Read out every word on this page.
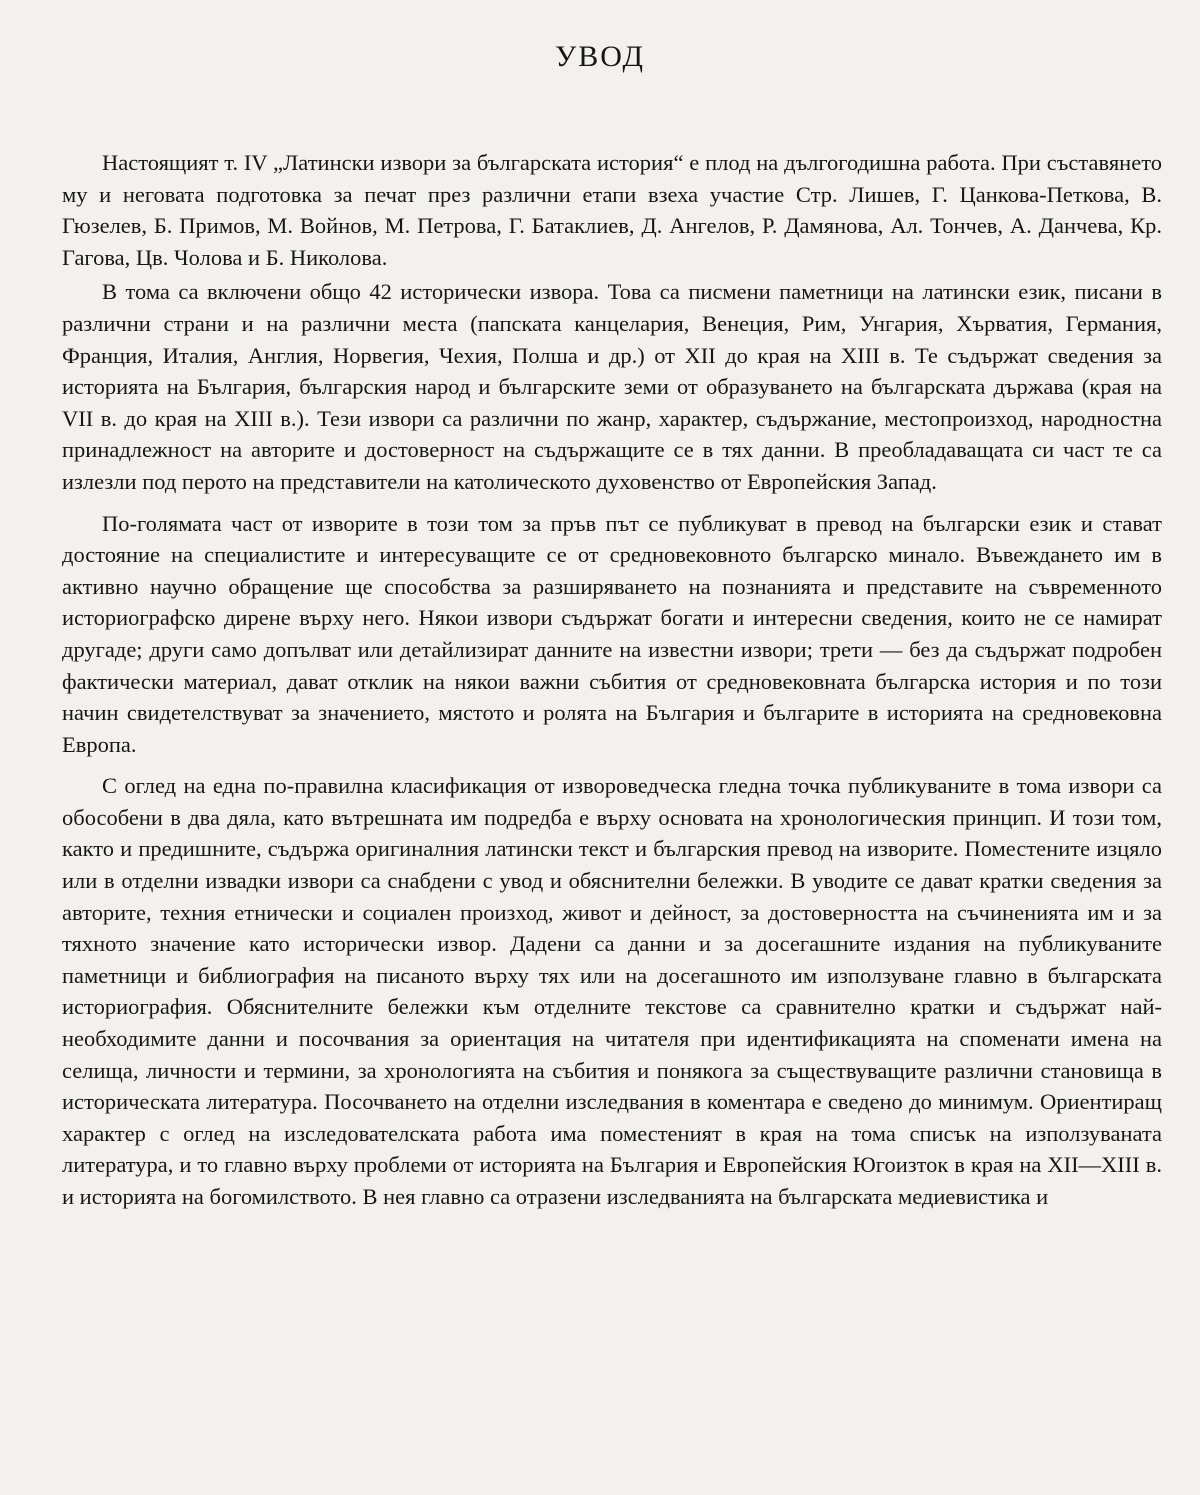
УВОД

Настоящият т. IV „Латински извори за българската история“ е плод на дългогодишна работа. При съставянето му и неговата подготовка за печат през различни етапи взеха участие Стр. Лишев, Г. Цанкова-Петкова, В. Гюзелев, Б. Примов, М. Войнов, М. Петрова, Г. Батаклиев, Д. Ангелов, Р. Дамянова, Ал. Тончев, А. Данчева, Кр. Гагова, Цв. Чолова и Б. Николова.

В тома са включени общо 42 исторически извора. Това са писмени паметници на латински език, писани в различни страни и на различни места (папската канцелария, Венеция, Рим, Унгария, Хърватия, Германия, Франция, Италия, Англия, Норвегия, Чехия, Полша и др.) от XII до края на XIII в. Те съдържат сведения за историята на България, българския народ и българските земи от образуването на българската държава (края на VII в. до края на XIII в.). Тези извори са различни по жанр, характер, съдържание, местопроизход, народностна принадлежност на авторите и достоверност на съдържащите се в тях данни. В преобладаващата си част те са излезли под перото на представители на католическото духовенство от Европейския Запад.

По-голямата част от изворите в този том за пръв път се публикуват в превод на български език и стават достояние на специалистите и интересуващите се от средновековното българско минало. Въвеждането им в активно научно обращение ще способства за разширяването на познанията и представите на съвременното историографско дирене върху него. Някои извори съдържат богати и интересни сведения, които не се намират другаде; други само допълват или детайлизират данните на известни извори; трети — без да съдържат подробен фактически материал, дават отклик на някои важни събития от средновековната българска история и по този начин свидетелствуват за значението, мястото и ролята на България и българите в историята на средновековна Европа.

С оглед на една по-правилна класификация от извороведческа гледна точка публикуваните в тома извори са обособени в два дяла, като вътрешната им подредба е върху основата на хронологическия принцип. И този том, както и предишните, съдържа оригиналния латински текст и българския превод на изворите. Поместените изцяло или в отделни извадки извори са снабдени с увод и обяснителни бележки. В уводите се дават кратки сведения за авторите, техния етнически и социален произход, живот и дейност, за достоверността на съчиненията им и за тяхното значение като исторически извор. Дадени са данни и за досегашните издания на публикуваните паметници и библиография на писаното върху тях или на досегашното им използуване главно в българската историография. Обяснителните бележки към отделните текстове са сравнително кратки и съдържат най-необходимите данни и посочвания за ориентация на читателя при идентификацията на споменати имена на селища, личности и термини, за хронологията на събития и понякога за съществуващите различни становища в историческата литература. Посочването на отделни изследвания в коментара е сведено до минимум. Ориентиращ характер с оглед на изследователската работа има поместеният в края на тома списък на използуваната литература, и то главно върху проблеми от историята на България и Европейския Югоизток в края на XII—XIII в. и историята на богомилството. В нея главно са отразени изследванията на българската медиевистика и
